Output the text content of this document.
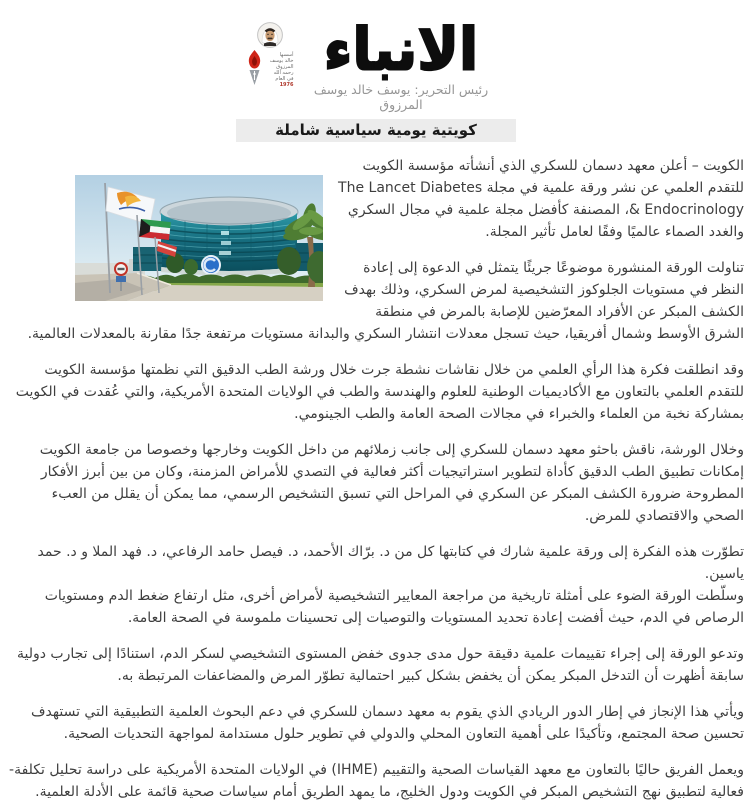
أسسها
خالد يوسف
المرزوق
رحمه الله
في العام
1976
الانباء
رئيس التحرير: يوسف خالد يوسف المرزوق
كويتية يومية سياسية شاملة

الكويت – أعلن معهد دسمان للسكري الذي أنشأته مؤسسة الكويت للتقدم العلمي عن نشر ورقة علمية في مجلة The Lancet Diabetes & Endocrinology، المصنفة كأفضل مجلة علمية في مجال السكري والغدد الصماء عالميًا وفقًا لعامل تأثير المجلة.

تناولت الورقة المنشورة موضوعًا جريئًا يتمثل في الدعوة إلى إعادة النظر في مستويات الجلوكوز التشخيصية لمرض السكري، وذلك بهدف الكشف المبكر عن الأفراد المعرّضين للإصابة بالمرض في منطقة الشرق الأوسط وشمال أفريقيا، حيث تسجل معدلات انتشار السكري والبدانة مستويات مرتفعة جدًا مقارنة بالمعدلات العالمية.

وقد انطلقت فكرة هذا الرأي العلمي من خلال نقاشات نشطة جرت خلال ورشة الطب الدقيق التي نظمتها مؤسسة الكويت للتقدم العلمي بالتعاون مع الأكاديميات الوطنية للعلوم والهندسة والطب في الولايات المتحدة الأمريكية، والتي عُقدت في الكويت بمشاركة نخبة من العلماء والخبراء في مجالات الصحة العامة والطب الجينومي.

وخلال الورشة، ناقش باحثو معهد دسمان للسكري إلى جانب زملائهم من داخل الكويت وخارجها وخصوصا من جامعة الكويت إمكانات تطبيق الطب الدقيق كأداة لتطوير استراتيجيات أكثر فعالية في التصدي للأمراض المزمنة، وكان من بين أبرز الأفكار المطروحة ضرورة الكشف المبكر عن السكري في المراحل التي تسبق التشخيص الرسمي، مما يمكن أن يقلل من العبء الصحي والاقتصادي للمرض.

تطوّرت هذه الفكرة إلى ورقة علمية شارك في كتابتها كل من د. برّاك الأحمد، د. فيصل حامد الرفاعي، د. فهد الملا و د. حمد ياسين.

وسلّطت الورقة الضوء على أمثلة تاريخية من مراجعة المعايير التشخيصية لأمراض أخرى، مثل ارتفاع ضغط الدم ومستويات الرصاص في الدم، حيث أفضت إعادة تحديد المستويات والتوصيات إلى تحسينات ملموسة في الصحة العامة.

وتدعو الورقة إلى إجراء تقييمات علمية دقيقة حول مدى جدوى خفض المستوى التشخيصي لسكر الدم، استنادًا إلى تجارب دولية سابقة أظهرت أن التدخل المبكر يمكن أن يخفض بشكل كبير احتمالية تطوّر المرض والمضاعفات المرتبطة به.

ويأتي هذا الإنجاز في إطار الدور الريادي الذي يقوم به معهد دسمان للسكري في دعم البحوث العلمية التطبيقية التي تستهدف تحسين صحة المجتمع، وتأكيدًا على أهمية التعاون المحلي والدولي في تطوير حلول مستدامة لمواجهة التحديات الصحية.

ويعمل الفريق حاليًا بالتعاون مع معهد القياسات الصحية والتقييم (IHME) في الولايات المتحدة الأمريكية على دراسة تحليل تكلفة-فعالية لتطبيق نهج التشخيص المبكر في الكويت ودول الخليج، ما يمهد الطريق أمام سياسات صحية قائمة على الأدلة العلمية.
